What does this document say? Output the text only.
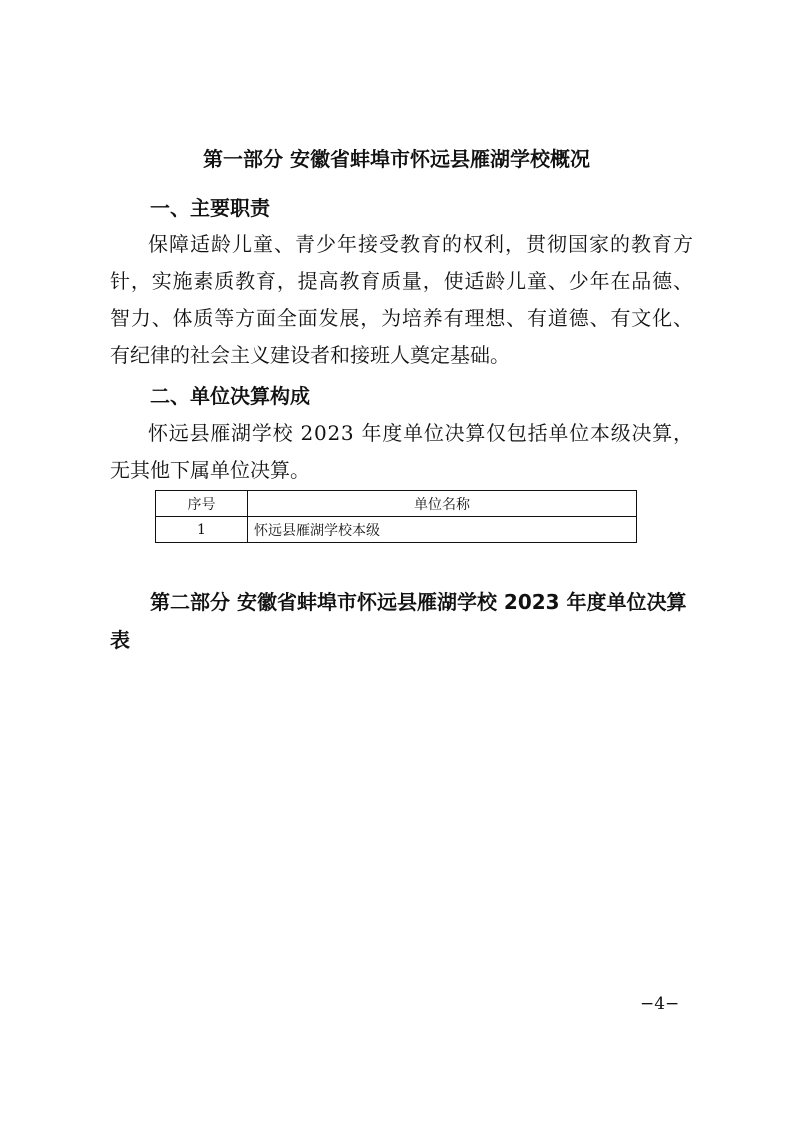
第一部分 安徽省蚌埠市怀远县雁湖学校概况
一、主要职责
保障适龄儿童、青少年接受教育的权利，贯彻国家的教育方
针，实施素质教育，提高教育质量，使适龄儿童、少年在品德、
智力、体质等方面全面发展，为培养有理想、有道德、有文化、
有纪律的社会主义建设者和接班人奠定基础。
二、单位决算构成
怀远县雁湖学校 2023 年度单位决算仅包括单位本级决算，
无其他下属单位决算。
序号	单位名称
1	怀远县雁湖学校本级
第二部分 安徽省蚌埠市怀远县雁湖学校 2023 年度单位决算
表
−4−
